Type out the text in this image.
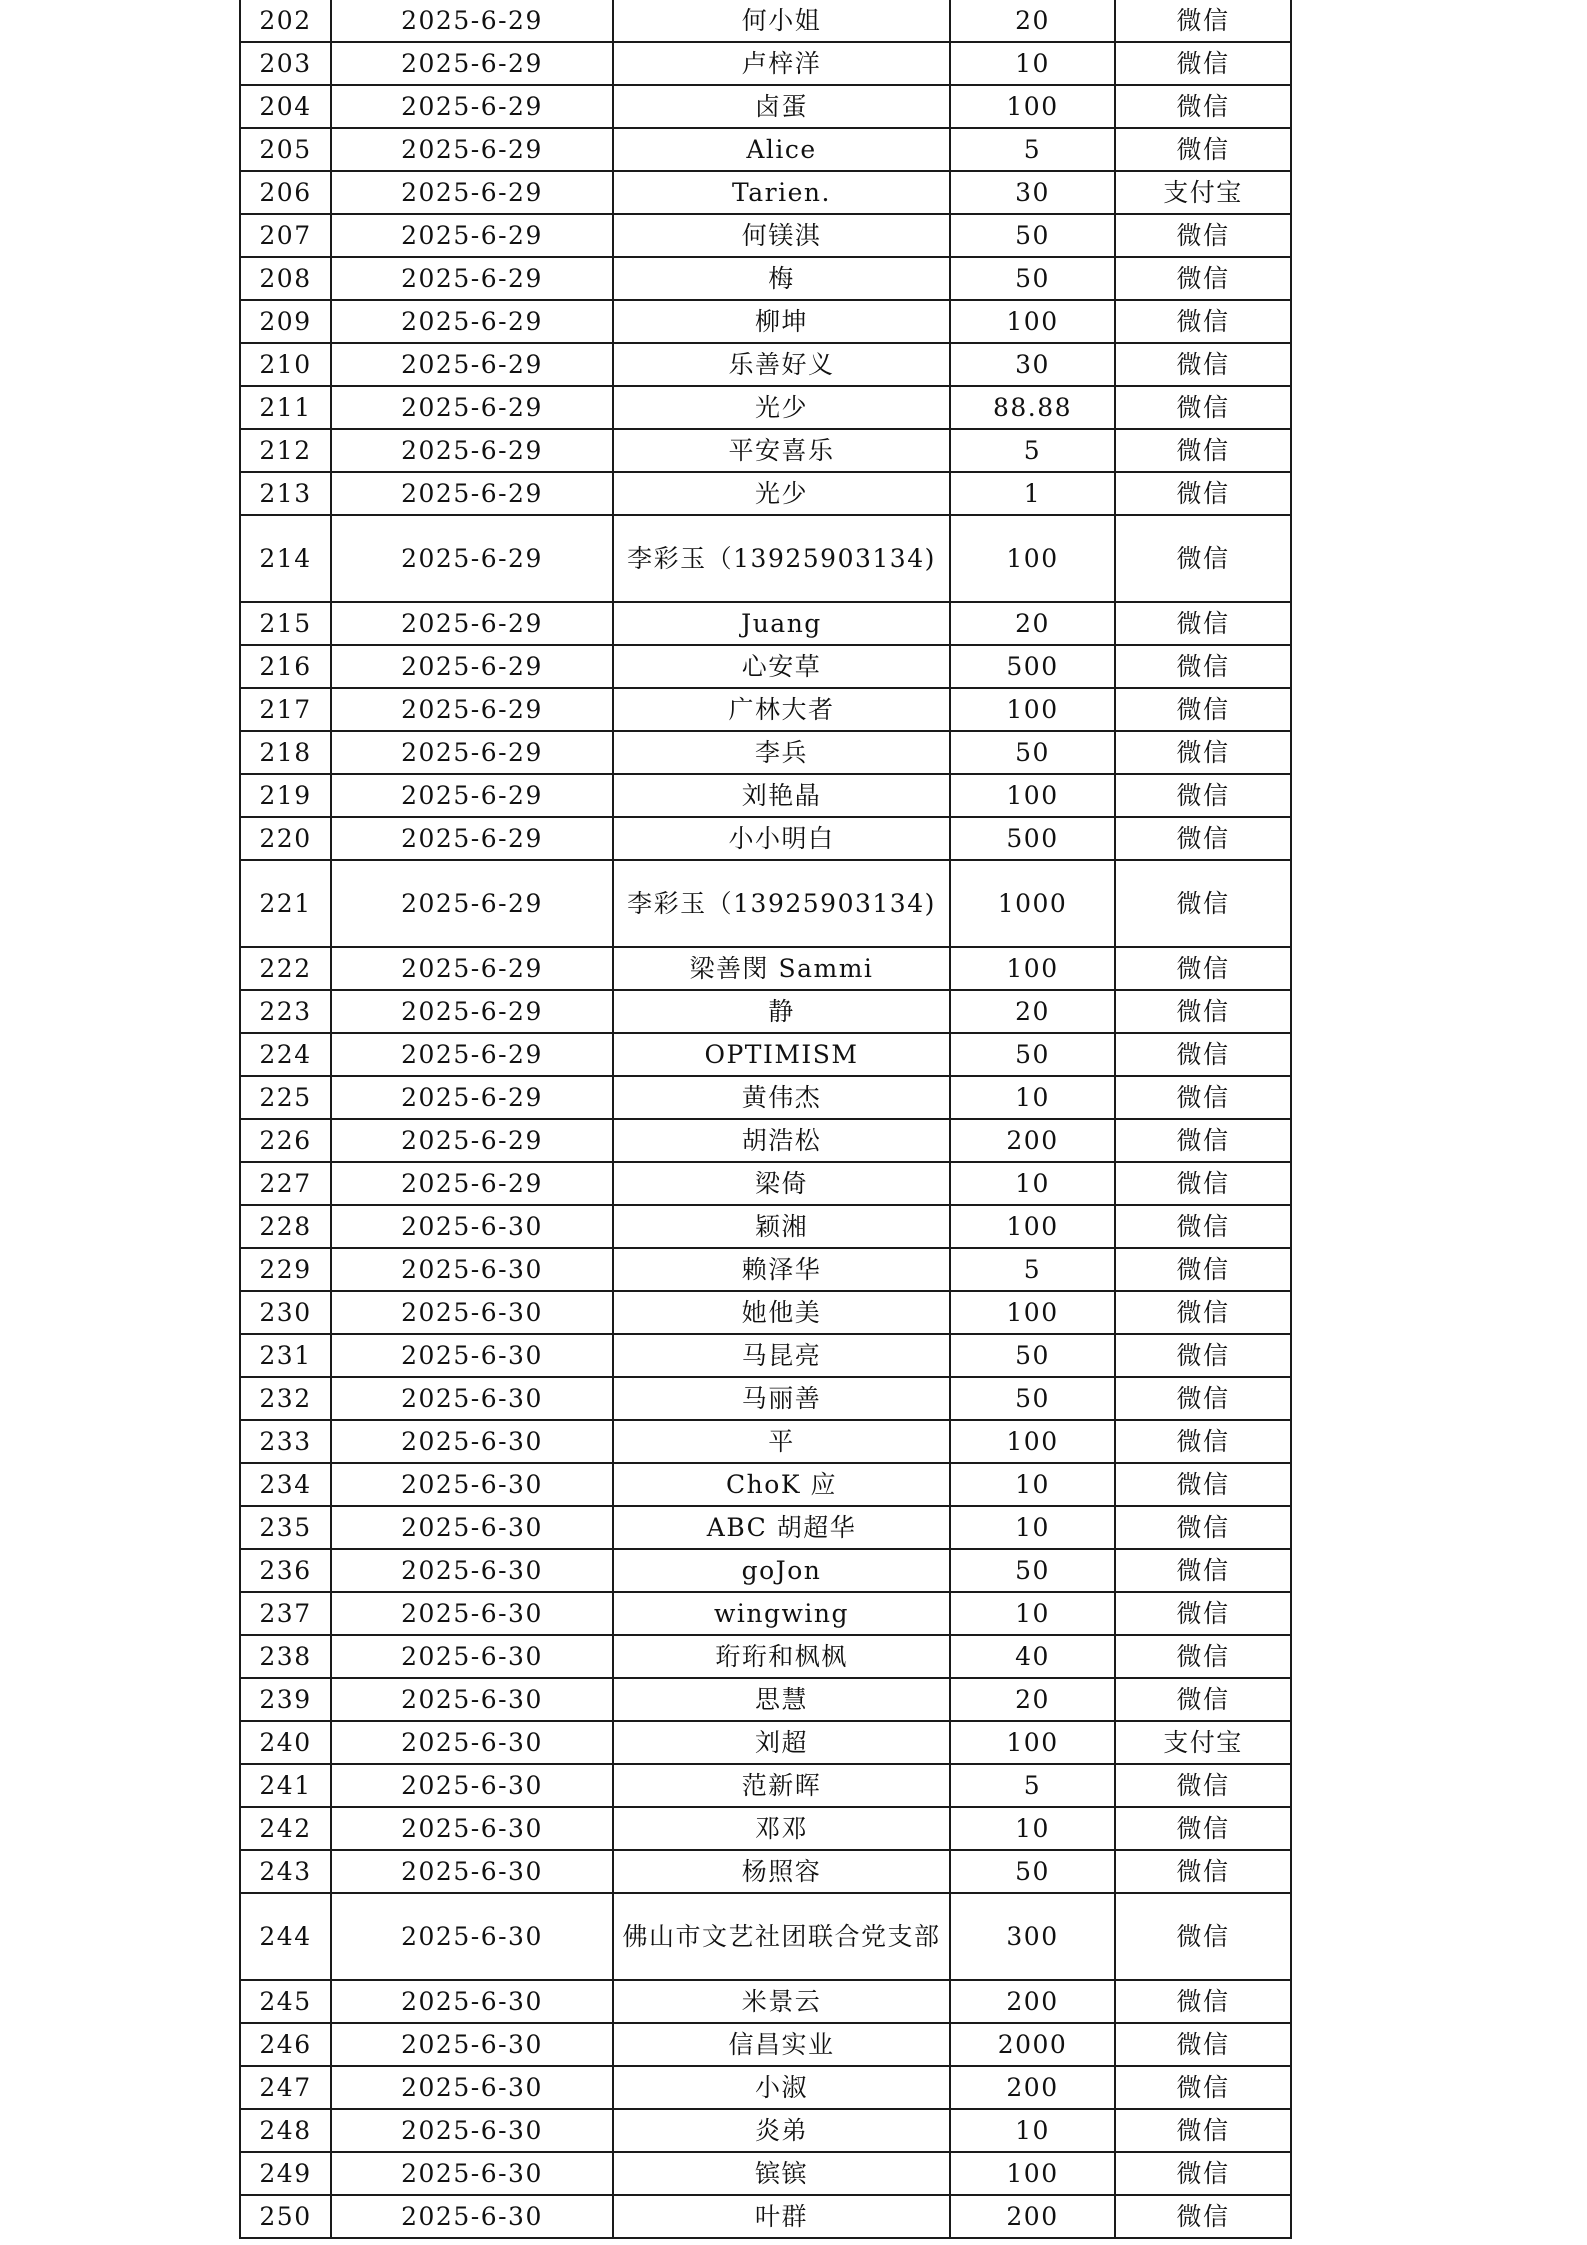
202	2025-6-29	何小姐	20	微信
203	2025-6-29	卢梓洋	10	微信
204	2025-6-29	卤蛋	100	微信
205	2025-6-29	Alice	5	微信
206	2025-6-29	Tarien.	30	支付宝
207	2025-6-29	何镁淇	50	微信
208	2025-6-29	梅	50	微信
209	2025-6-29	柳坤	100	微信
210	2025-6-29	乐善好义	30	微信
211	2025-6-29	光少	88.88	微信
212	2025-6-29	平安喜乐	5	微信
213	2025-6-29	光少	1	微信
214	2025-6-29	李彩玉（13925903134)	100	微信
215	2025-6-29	Juang	20	微信
216	2025-6-29	心安草	500	微信
217	2025-6-29	广林大者	100	微信
218	2025-6-29	李兵	50	微信
219	2025-6-29	刘艳晶	100	微信
220	2025-6-29	小小明白	500	微信
221	2025-6-29	李彩玉（13925903134)	1000	微信
222	2025-6-29	梁善閔 Sammi	100	微信
223	2025-6-29	静	20	微信
224	2025-6-29	OPTIMISM	50	微信
225	2025-6-29	黄伟杰	10	微信
226	2025-6-29	胡浩松	200	微信
227	2025-6-29	梁倚	10	微信
228	2025-6-30	颖湘	100	微信
229	2025-6-30	赖泽华	5	微信
230	2025-6-30	她他美	100	微信
231	2025-6-30	马昆亮	50	微信
232	2025-6-30	马丽善	50	微信
233	2025-6-30	平	100	微信
234	2025-6-30	ChoK 应	10	微信
235	2025-6-30	ABC 胡超华	10	微信
236	2025-6-30	goJon	50	微信
237	2025-6-30	wingwing	10	微信
238	2025-6-30	珩珩和枫枫	40	微信
239	2025-6-30	思慧	20	微信
240	2025-6-30	刘超	100	支付宝
241	2025-6-30	范新晖	5	微信
242	2025-6-30	邓邓	10	微信
243	2025-6-30	杨照容	50	微信
244	2025-6-30	佛山市文艺社团联合党支部	300	微信
245	2025-6-30	米景云	200	微信
246	2025-6-30	信昌实业	2000	微信
247	2025-6-30	小淑	200	微信
248	2025-6-30	炎弟	10	微信
249	2025-6-30	镔镔	100	微信
250	2025-6-30	叶群	200	微信
